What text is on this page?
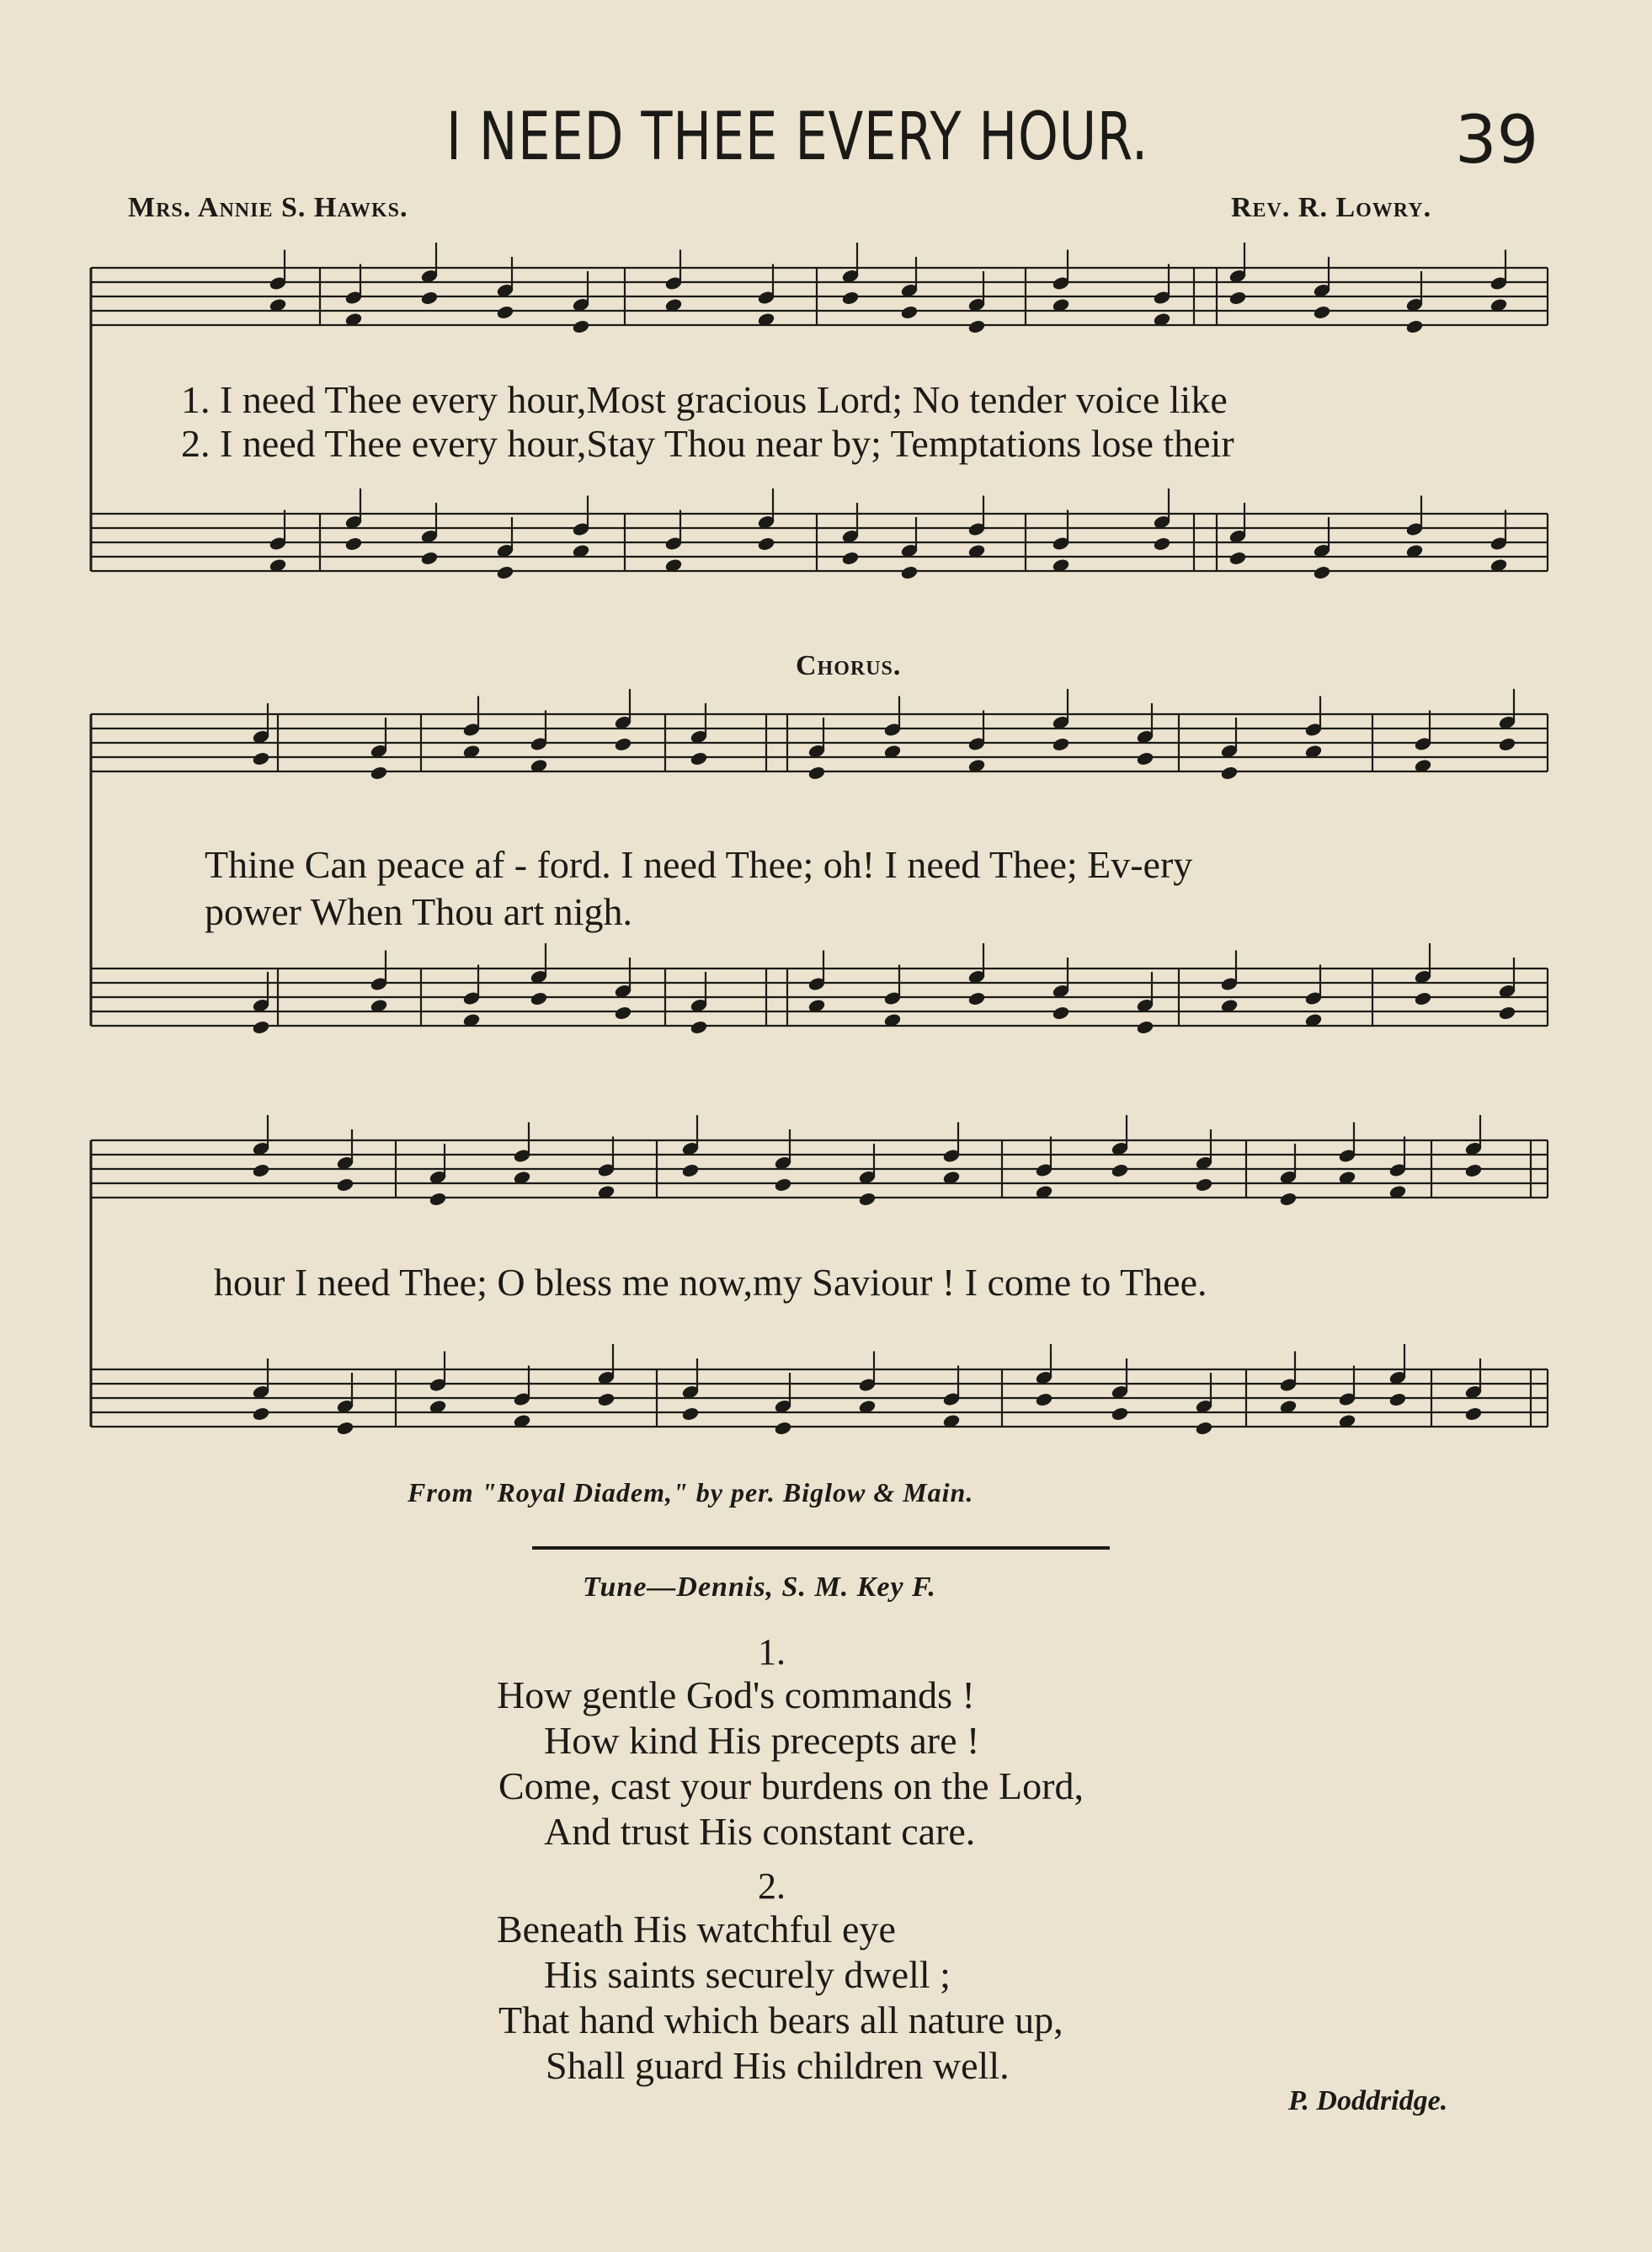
I NEED THEE EVERY HOUR.	39
Mrs. Annie S. Hawks.	Rev. R. Lowry.
1. I need Thee every hour,Most gracious Lord; No tender voice like
2. I need Thee every hour,Stay Thou near by; Temptations lose their
Chorus.
Thine Can peace af - ford. I need Thee; oh! I need Thee; Ev-ery
power When Thou art nigh.
hour I need Thee; O bless me now,my Saviour ! I come to Thee.
From "Royal Diadem," by per. Biglow & Main.
Tune—Dennis, S. M. Key F.
1.
How gentle God's commands !
How kind His precepts are !
Come, cast your burdens on the Lord,
And trust His constant care.
2.
Beneath His watchful eye
His saints securely dwell ;
That hand which bears all nature up,
Shall guard His children well.
P. Doddridge.
